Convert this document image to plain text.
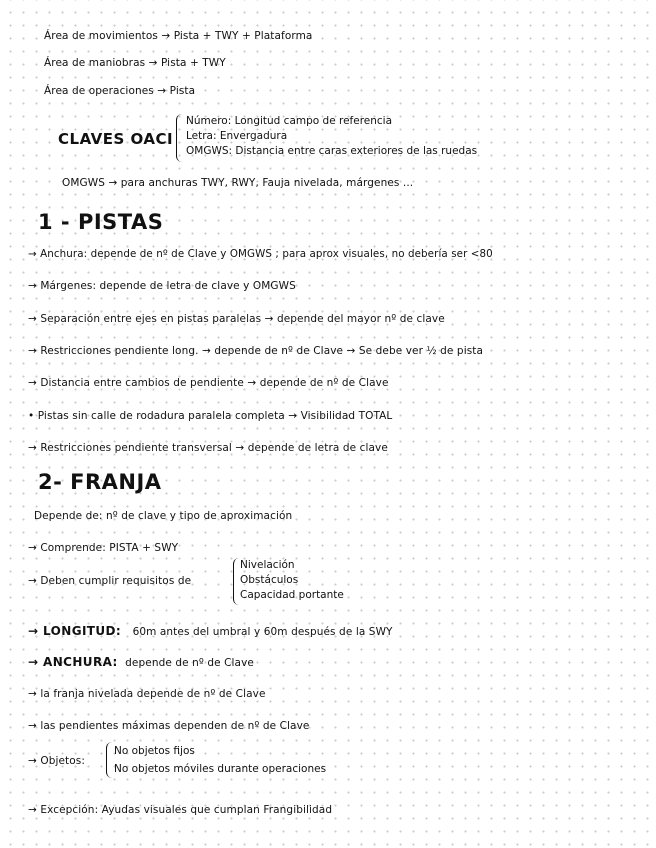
Área de movimientos → Pista + TWY + Plataforma
Área de maniobras → Pista + TWY
Área de operaciones → Pista
CLAVES OACI
Número: Longitud campo de referencia
Letra: Envergadura
OMGWS: Distancia entre caras exteriores de las ruedas
OMGWS → para anchuras TWY, RWY, Fauja nivelada, márgenes ...
1 - PISTAS
→ Anchura: depende de nº de Clave y OMGWS ; para aprox visuales, no debería ser <80
→ Márgenes: depende de letra de clave y OMGWS
→ Separación entre ejes en pistas paralelas → depende del mayor nº de clave
→ Restricciones pendiente long. → depende de nº de Clave → Se debe ver ½ de pista
→ Distancia entre cambios de pendiente → depende de nº de Clave
• Pistas sin calle de rodadura paralela completa → Visibilidad TOTAL
→ Restricciones pendiente transversal → depende de letra de clave
2- FRANJA
Depende de: nº de clave y tipo de aproximación
→ Comprende: PISTA + SWY
→ Deben cumplir requisitos de
Nivelación
Obstáculos
Capacidad portante
→ LONGITUD: 60m antes del umbral y 60m después de la SWY
→ ANCHURA: depende de nº de Clave
→ la franja nivelada depende de nº de Clave
→ las pendientes máximas dependen de nº de Clave
→ Objetos:
No objetos fijos
No objetos móviles durante operaciones
→ Excepción: Ayudas visuales que cumplan Frangibilidad
